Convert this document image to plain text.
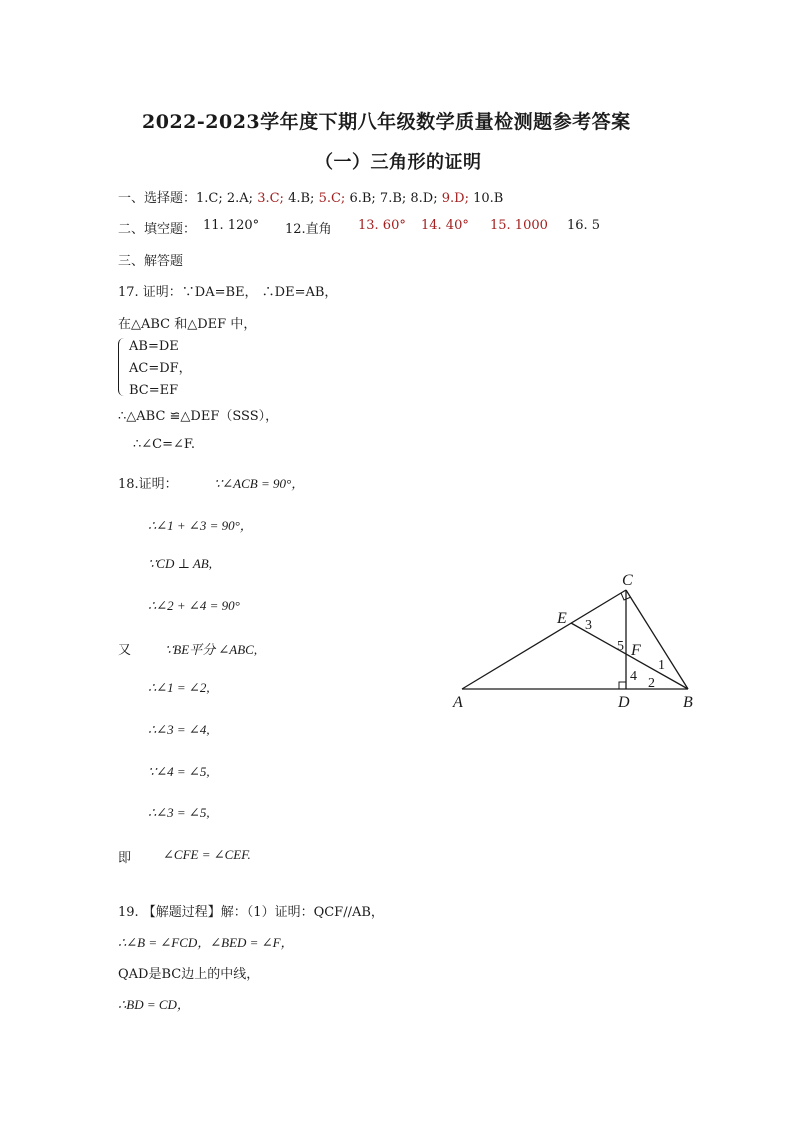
2022-2023学年度下期八年级数学质量检测题参考答案
（一）三角形的证明
一、选择题：1.C; 2.A; 3.C; 4.B; 5.C; 6.B; 7.B; 8.D; 9.D; 10.B
二、填空题： 11. 120° 12.直角 13. 60° 14. 40° 15. 1000 16. 5
三、解答题
17. 证明：∵DA=BE， ∴DE=AB，
在△ABC 和△DEF 中，
AB=DE
AC=DF，
BC=EF
∴△ABC ≌△DEF（SSS），
∴∠C=∠F.
18.证明：	∵∠ACB = 90°，
∴∠1 + ∠3 = 90°，
∵CD ⊥ AB,
∴∠2 + ∠4 = 90°
又	∵BE平分 ∠ABC,
∴∠1 = ∠2,
∴∠3 = ∠4,
∵∠4 = ∠5,
∴∠3 = ∠5,
即 ∠CFE = ∠CEF.
C
E
F
A	D	B
1
2
3
4
5
19. 【解题过程】解：（1）证明：QCF//AB，
∴∠B = ∠FCD，∠BED = ∠F，
QAD是BC边上的中线，
∴BD = CD，
